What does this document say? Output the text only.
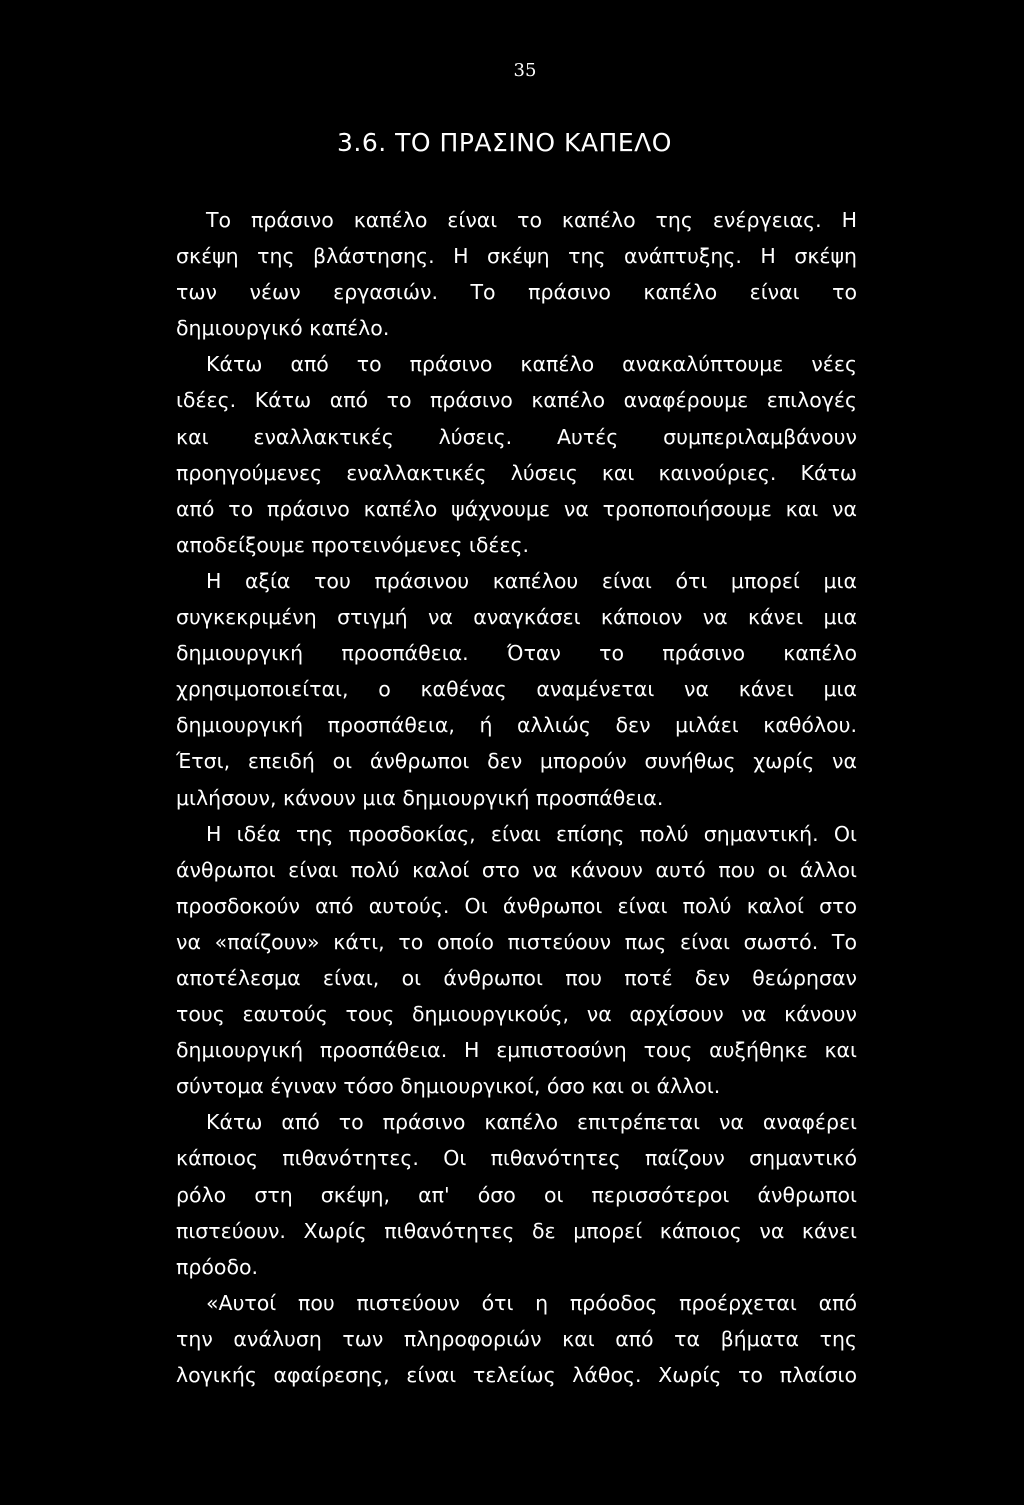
35
3.6. ΤΟ ΠΡΑΣΙΝΟ ΚΑΠΕΛΟ
Το πράσινο καπέλο είναι το καπέλο της ενέργειας. Η
σκέψη της βλάστησης. Η σκέψη της ανάπτυξης. Η σκέψη
των νέων εργασιών. Το πράσινο καπέλο είναι το
δημιουργικό καπέλο.
Κάτω από το πράσινο καπέλο ανακαλύπτουμε νέες
ιδέες. Κάτω από το πράσινο καπέλο αναφέρουμε επιλογές
και εναλλακτικές λύσεις. Αυτές συμπεριλαμβάνουν
προηγούμενες εναλλακτικές λύσεις και καινούριες. Κάτω
από το πράσινο καπέλο ψάχνουμε να τροποποιήσουμε και να
αποδείξουμε προτεινόμενες ιδέες.
Η αξία του πράσινου καπέλου είναι ότι μπορεί μια
συγκεκριμένη στιγμή να αναγκάσει κάποιον να κάνει μια
δημιουργική προσπάθεια. Όταν το πράσινο καπέλο
χρησιμοποιείται, ο καθένας αναμένεται να κάνει μια
δημιουργική προσπάθεια, ή αλλιώς δεν μιλάει καθόλου.
Έτσι, επειδή οι άνθρωποι δεν μπορούν συνήθως χωρίς να
μιλήσουν, κάνουν μια δημιουργική προσπάθεια.
Η ιδέα της προσδοκίας, είναι επίσης πολύ σημαντική. Οι
άνθρωποι είναι πολύ καλοί στο να κάνουν αυτό που οι άλλοι
προσδοκούν από αυτούς. Οι άνθρωποι είναι πολύ καλοί στο
να «παίζουν» κάτι, το οποίο πιστεύουν πως είναι σωστό. Το
αποτέλεσμα είναι, οι άνθρωποι που ποτέ δεν θεώρησαν
τους εαυτούς τους δημιουργικούς, να αρχίσουν να κάνουν
δημιουργική προσπάθεια. Η εμπιστοσύνη τους αυξήθηκε και
σύντομα έγιναν τόσο δημιουργικοί, όσο και οι άλλοι.
Κάτω από το πράσινο καπέλο επιτρέπεται να αναφέρει
κάποιος πιθανότητες. Οι πιθανότητες παίζουν σημαντικό
ρόλο στη σκέψη, απ' όσο οι περισσότεροι άνθρωποι
πιστεύουν. Χωρίς πιθανότητες δε μπορεί κάποιος να κάνει
πρόοδο.
«Αυτοί που πιστεύουν ότι η πρόοδος προέρχεται από
την ανάλυση των πληροφοριών και από τα βήματα της
λογικής αφαίρεσης, είναι τελείως λάθος. Χωρίς το πλαίσιο
